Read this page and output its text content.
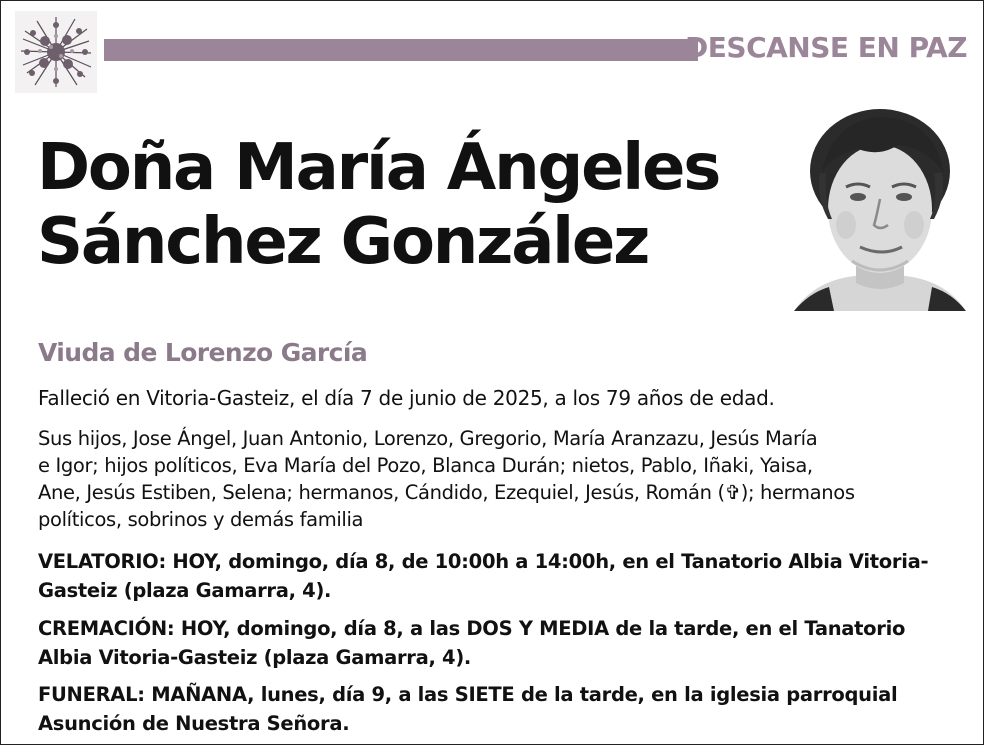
DESCANSE EN PAZ
Doña María Ángeles
Sánchez González
Viuda de Lorenzo García
Falleció en Vitoria-Gasteiz, el día 7 de junio de 2025, a los 79 años de edad.
Sus hijos, Jose Ángel, Juan Antonio, Lorenzo, Gregorio, María Aranzazu, Jesús María
e Igor; hijos políticos, Eva María del Pozo, Blanca Durán; nietos, Pablo, Iñaki, Yaisa,
Ane, Jesús Estiben, Selena; hermanos, Cándido, Ezequiel, Jesús, Román (✞); hermanos
políticos, sobrinos y demás familia
VELATORIO: HOY, domingo, día 8, de 10:00h a 14:00h, en el Tanatorio Albia Vitoria-
Gasteiz (plaza Gamarra, 4).
CREMACIÓN: HOY, domingo, día 8, a las DOS Y MEDIA de la tarde, en el Tanatorio
Albia Vitoria-Gasteiz (plaza Gamarra, 4).
FUNERAL: MAÑANA, lunes, día 9, a las SIETE de la tarde, en la iglesia parroquial
Asunción de Nuestra Señora.
